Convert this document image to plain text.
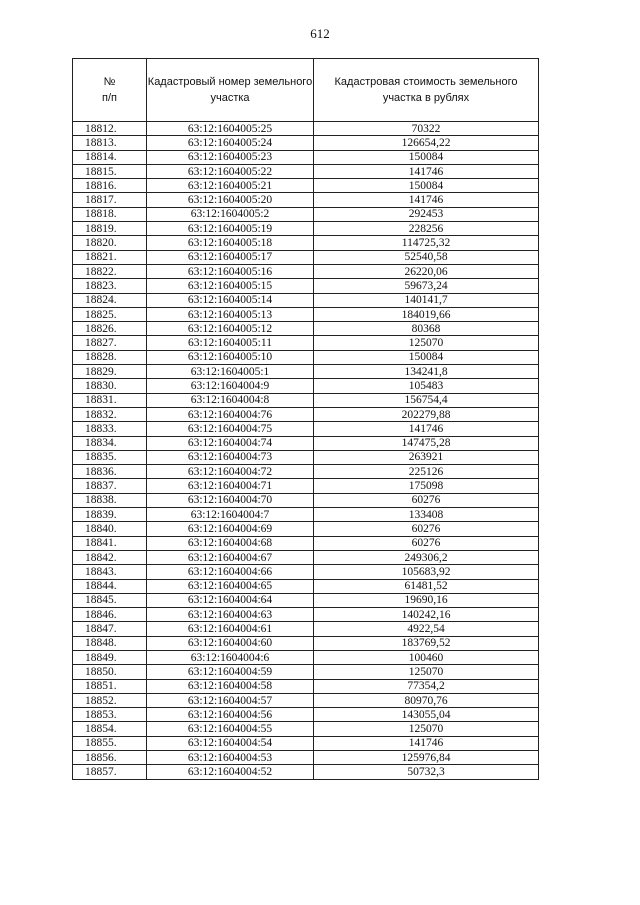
612
№
п/п	Кадастровый номер земельного участка	Кадастровая стоимость земельного участка в рублях
18812.	63:12:1604005:25	70322
18813.	63:12:1604005:24	126654,22
18814.	63:12:1604005:23	150084
18815.	63:12:1604005:22	141746
18816.	63:12:1604005:21	150084
18817.	63:12:1604005:20	141746
18818.	63:12:1604005:2	292453
18819.	63:12:1604005:19	228256
18820.	63:12:1604005:18	114725,32
18821.	63:12:1604005:17	52540,58
18822.	63:12:1604005:16	26220,06
18823.	63:12:1604005:15	59673,24
18824.	63:12:1604005:14	140141,7
18825.	63:12:1604005:13	184019,66
18826.	63:12:1604005:12	80368
18827.	63:12:1604005:11	125070
18828.	63:12:1604005:10	150084
18829.	63:12:1604005:1	134241,8
18830.	63:12:1604004:9	105483
18831.	63:12:1604004:8	156754,4
18832.	63:12:1604004:76	202279,88
18833.	63:12:1604004:75	141746
18834.	63:12:1604004:74	147475,28
18835.	63:12:1604004:73	263921
18836.	63:12:1604004:72	225126
18837.	63:12:1604004:71	175098
18838.	63:12:1604004:70	60276
18839.	63:12:1604004:7	133408
18840.	63:12:1604004:69	60276
18841.	63:12:1604004:68	60276
18842.	63:12:1604004:67	249306,2
18843.	63:12:1604004:66	105683,92
18844.	63:12:1604004:65	61481,52
18845.	63:12:1604004:64	19690,16
18846.	63:12:1604004:63	140242,16
18847.	63:12:1604004:61	4922,54
18848.	63:12:1604004:60	183769,52
18849.	63:12:1604004:6	100460
18850.	63:12:1604004:59	125070
18851.	63:12:1604004:58	77354,2
18852.	63:12:1604004:57	80970,76
18853.	63:12:1604004:56	143055,04
18854.	63:12:1604004:55	125070
18855.	63:12:1604004:54	141746
18856.	63:12:1604004:53	125976,84
18857.	63:12:1604004:52	50732,3
